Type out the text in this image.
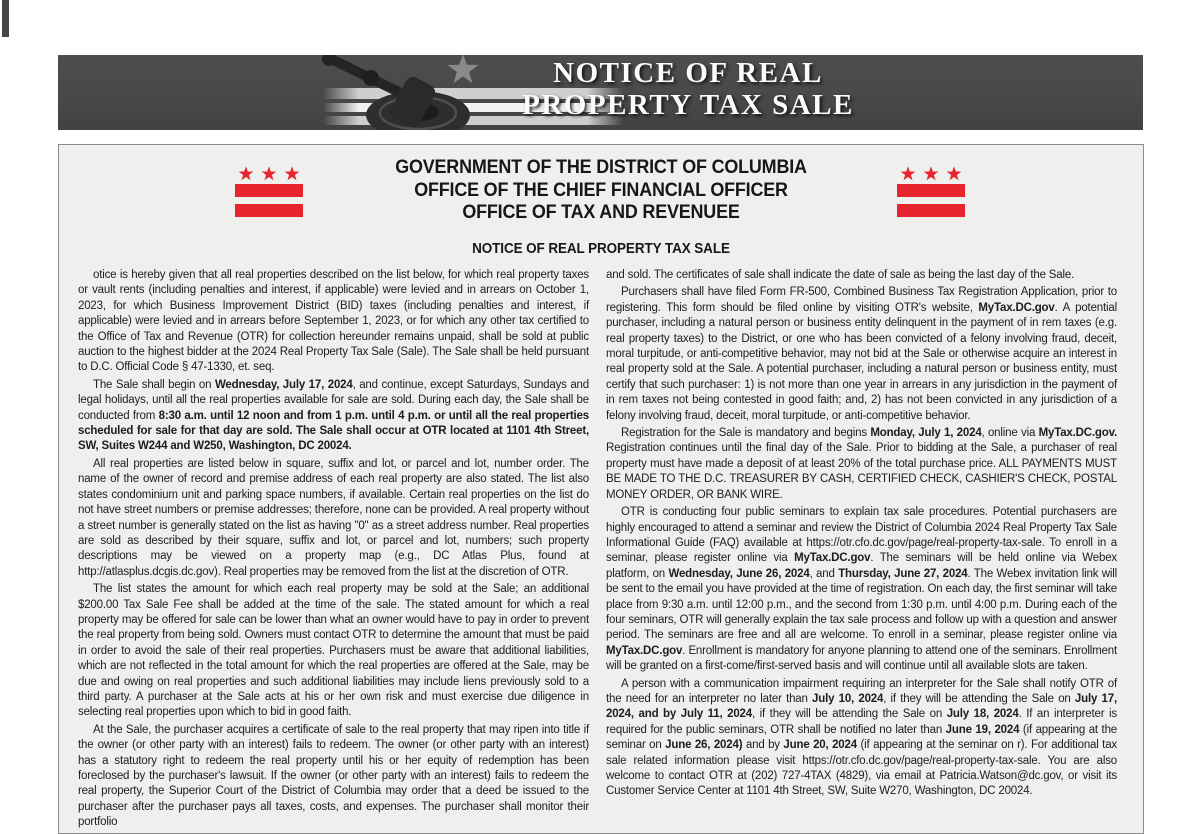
NOTICE OF REAL
PROPERTY TAX SALE
GOVERNMENT OF THE DISTRICT OF COLUMBIA
OFFICE OF THE CHIEF FINANCIAL OFFICER
OFFICE OF TAX AND REVENUEE
NOTICE OF REAL PROPERTY TAX SALE

otice is hereby given that all real properties described on the list below, for which real property taxes or vault rents (including penalties and interest, if applicable) were levied and in arrears on October 1, 2023, for which Business Improvement District (BID) taxes (including penalties and interest, if applicable) were levied and in arrears before September 1, 2023, or for which any other tax certified to the Office of Tax and Revenue (OTR) for collection hereunder remains unpaid, shall be sold at public auction to the highest bidder at the 2024 Real Property Tax Sale (Sale). The Sale shall be held pursuant to D.C. Official Code § 47-1330, et. seq.

The Sale shall begin on Wednesday, July 17, 2024, and continue, except Saturdays, Sundays and legal holidays, until all the real properties available for sale are sold. During each day, the Sale shall be conducted from 8:30 a.m. until 12 noon and from 1 p.m. until 4 p.m. or until all the real properties scheduled for sale for that day are sold. The Sale shall occur at OTR located at 1101 4th Street, SW, Suites W244 and W250, Washington, DC 20024.

All real properties are listed below in square, suffix and lot, or parcel and lot, number order. The name of the owner of record and premise address of each real property are also stated. The list also states condominium unit and parking space numbers, if available. Certain real properties on the list do not have street numbers or premise addresses; therefore, none can be provided. A real property without a street number is generally stated on the list as having "0" as a street address number. Real properties are sold as described by their square, suffix and lot, or parcel and lot, numbers; such property descriptions may be viewed on a property map (e.g., DC Atlas Plus, found at http://atlasplus.dcgis.dc.gov). Real properties may be removed from the list at the discretion of OTR.

The list states the amount for which each real property may be sold at the Sale; an additional $200.00 Tax Sale Fee shall be added at the time of the sale. The stated amount for which a real property may be offered for sale can be lower than what an owner would have to pay in order to prevent the real property from being sold. Owners must contact OTR to determine the amount that must be paid in order to avoid the sale of their real properties. Purchasers must be aware that additional liabilities, which are not reflected in the total amount for which the real properties are offered at the Sale, may be due and owing on real properties and such additional liabilities may include liens previously sold to a third party. A purchaser at the Sale acts at his or her own risk and must exercise due diligence in selecting real properties upon which to bid in good faith.

At the Sale, the purchaser acquires a certificate of sale to the real property that may ripen into title if the owner (or other party with an interest) fails to redeem. The owner (or other party with an interest) has a statutory right to redeem the real property until his or her equity of redemption has been foreclosed by the purchaser's lawsuit. If the owner (or other party with an interest) fails to redeem the real property, the Superior Court of the District of Columbia may order that a deed be issued to the purchaser after the purchaser pays all taxes, costs, and expenses. The purchaser shall monitor their portfolio

and sold. The certificates of sale shall indicate the date of sale as being the last day of the Sale.

Purchasers shall have filed Form FR-500, Combined Business Tax Registration Application, prior to registering. This form should be filed online by visiting OTR's website, MyTax.DC.gov. A potential purchaser, including a natural person or business entity delinquent in the payment of in rem taxes (e.g. real property taxes) to the District, or one who has been convicted of a felony involving fraud, deceit, moral turpitude, or anti-competitive behavior, may not bid at the Sale or otherwise acquire an interest in real property sold at the Sale. A potential purchaser, including a natural person or business entity, must certify that such purchaser: 1) is not more than one year in arrears in any jurisdiction in the payment of in rem taxes not being contested in good faith; and, 2) has not been convicted in any jurisdiction of a felony involving fraud, deceit, moral turpitude, or anti-competitive behavior.

Registration for the Sale is mandatory and begins Monday, July 1, 2024, online via MyTax.DC.gov. Registration continues until the final day of the Sale. Prior to bidding at the Sale, a purchaser of real property must have made a deposit of at least 20% of the total purchase price. ALL PAYMENTS MUST BE MADE TO THE D.C. TREASURER BY CASH, CERTIFIED CHECK, CASHIER'S CHECK, POSTAL MONEY ORDER, OR BANK WIRE.

OTR is conducting four public seminars to explain tax sale procedures. Potential purchasers are highly encouraged to attend a seminar and review the District of Columbia 2024 Real Property Tax Sale Informational Guide (FAQ) available at https://otr.cfo.dc.gov/page/real-property-tax-sale. To enroll in a seminar, please register online via MyTax.DC.gov. The seminars will be held online via Webex platform, on Wednesday, June 26, 2024, and Thursday, June 27, 2024. The Webex invitation link will be sent to the email you have provided at the time of registration. On each day, the first seminar will take place from 9:30 a.m. until 12:00 p.m., and the second from 1:30 p.m. until 4:00 p.m. During each of the four seminars, OTR will generally explain the tax sale process and follow up with a question and answer period. The seminars are free and all are welcome. To enroll in a seminar, please register online via MyTax.DC.gov. Enrollment is mandatory for anyone planning to attend one of the seminars. Enrollment will be granted on a first-come/first-served basis and will continue until all available slots are taken.

A person with a communication impairment requiring an interpreter for the Sale shall notify OTR of the need for an interpreter no later than July 10, 2024, if they will be attending the Sale on July 17, 2024, and by July 11, 2024, if they will be attending the Sale on July 18, 2024. If an interpreter is required for the public seminars, OTR shall be notified no later than June 19, 2024 (if appearing at the seminar on June 26, 2024) and by June 20, 2024 (if appearing at the seminar on r). For additional tax sale related information please visit https://otr.cfo.dc.gov/page/real-property-tax-sale. You are also welcome to contact OTR at (202) 727-4TAX (4829), via email at Patricia.Watson@dc.gov, or visit its Customer Service Center at 1101 4th Street, SW, Suite W270, Washington, DC 20024.
